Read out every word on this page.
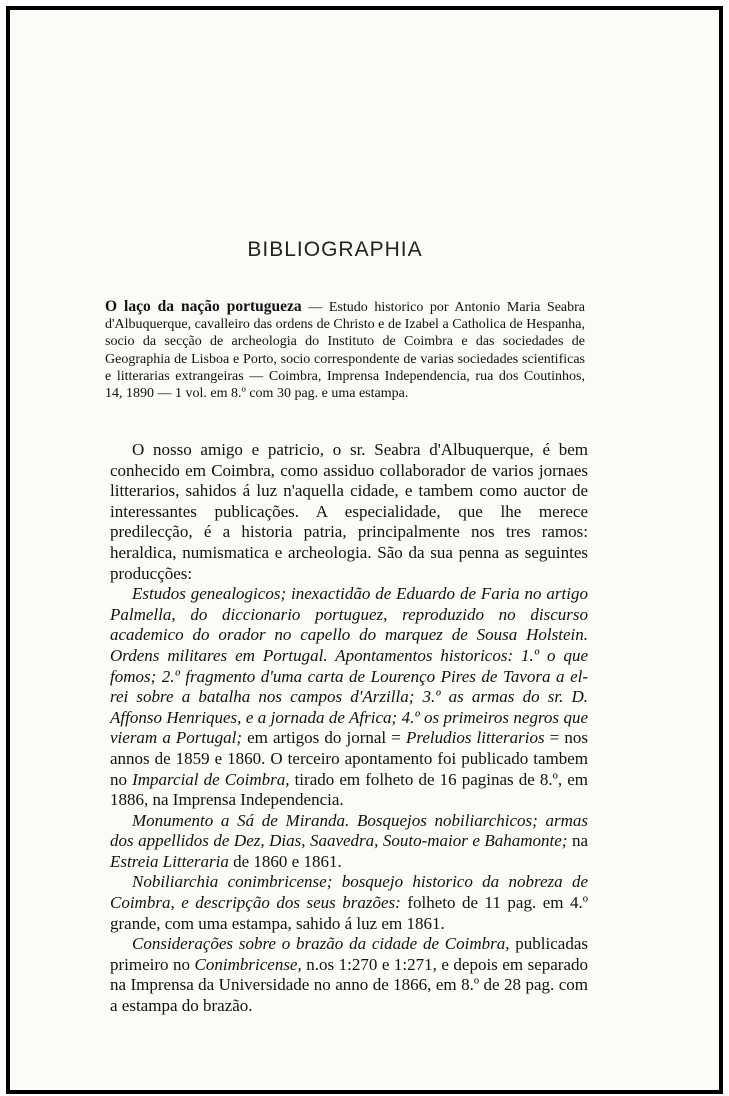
BIBLIOGRAPHIA
O laço da nação portugueza — Estudo historico por Antonio Maria Seabra d'Albuquerque, cavalleiro das ordens de Christo e de Izabel a Catholica de Hespanha, socio da secção de archeologia do Instituto de Coimbra e das sociedades de Geographia de Lisboa e Porto, socio correspondente de varias sociedades scientificas e litterarias extrangeiras — Coimbra, Imprensa Independencia, rua dos Coutinhos, 14, 1890 — 1 vol. em 8.º com 30 pag. e uma estampa.

O nosso amigo e patricio, o sr. Seabra d'Albuquerque, é bem conhecido em Coimbra, como assiduo collaborador de varios jornaes litterarios, sahidos á luz n'aquella cidade, e tambem como auctor de interessantes publicações. A especialidade, que lhe merece predilecção, é a historia patria, principalmente nos tres ramos: heraldica, numismatica e archeologia. São da sua penna as seguintes producções:

Estudos genealogicos; inexactidão de Eduardo de Faria no artigo Palmella, do diccionario portuguez, reproduzido no discurso academico do orador no capello do marquez de Sousa Holstein. Ordens militares em Portugal. Apontamentos historicos: 1.º o que fomos; 2.º fragmento d'uma carta de Lourenço Pires de Tavora a el-rei sobre a batalha nos campos d'Arzilla; 3.º as armas do sr. D. Affonso Henriques, e a jornada de Africa; 4.º os primeiros negros que vieram a Portugal; em artigos do jornal = Preludios litterarios = nos annos de 1859 e 1860. O terceiro apontamento foi publicado tambem no Imparcial de Coimbra, tirado em folheto de 16 paginas de 8.º, em 1886, na Imprensa Independencia.

Monumento a Sá de Miranda. Bosquejos nobiliarchicos; armas dos appellidos de Dez, Dias, Saavedra, Souto-maior e Bahamonte; na Estreia Litteraria de 1860 e 1861.

Nobiliarchia conimbricense; bosquejo historico da nobreza de Coimbra, e descripção dos seus brazões: folheto de 11 pag. em 4.º grande, com uma estampa, sahido á luz em 1861.

Considerações sobre o brazão da cidade de Coimbra, publicadas primeiro no Conimbricense, n.os 1:270 e 1:271, e depois em separado na Imprensa da Universidade no anno de 1866, em 8.º de 28 pag. com a estampa do brazão.
